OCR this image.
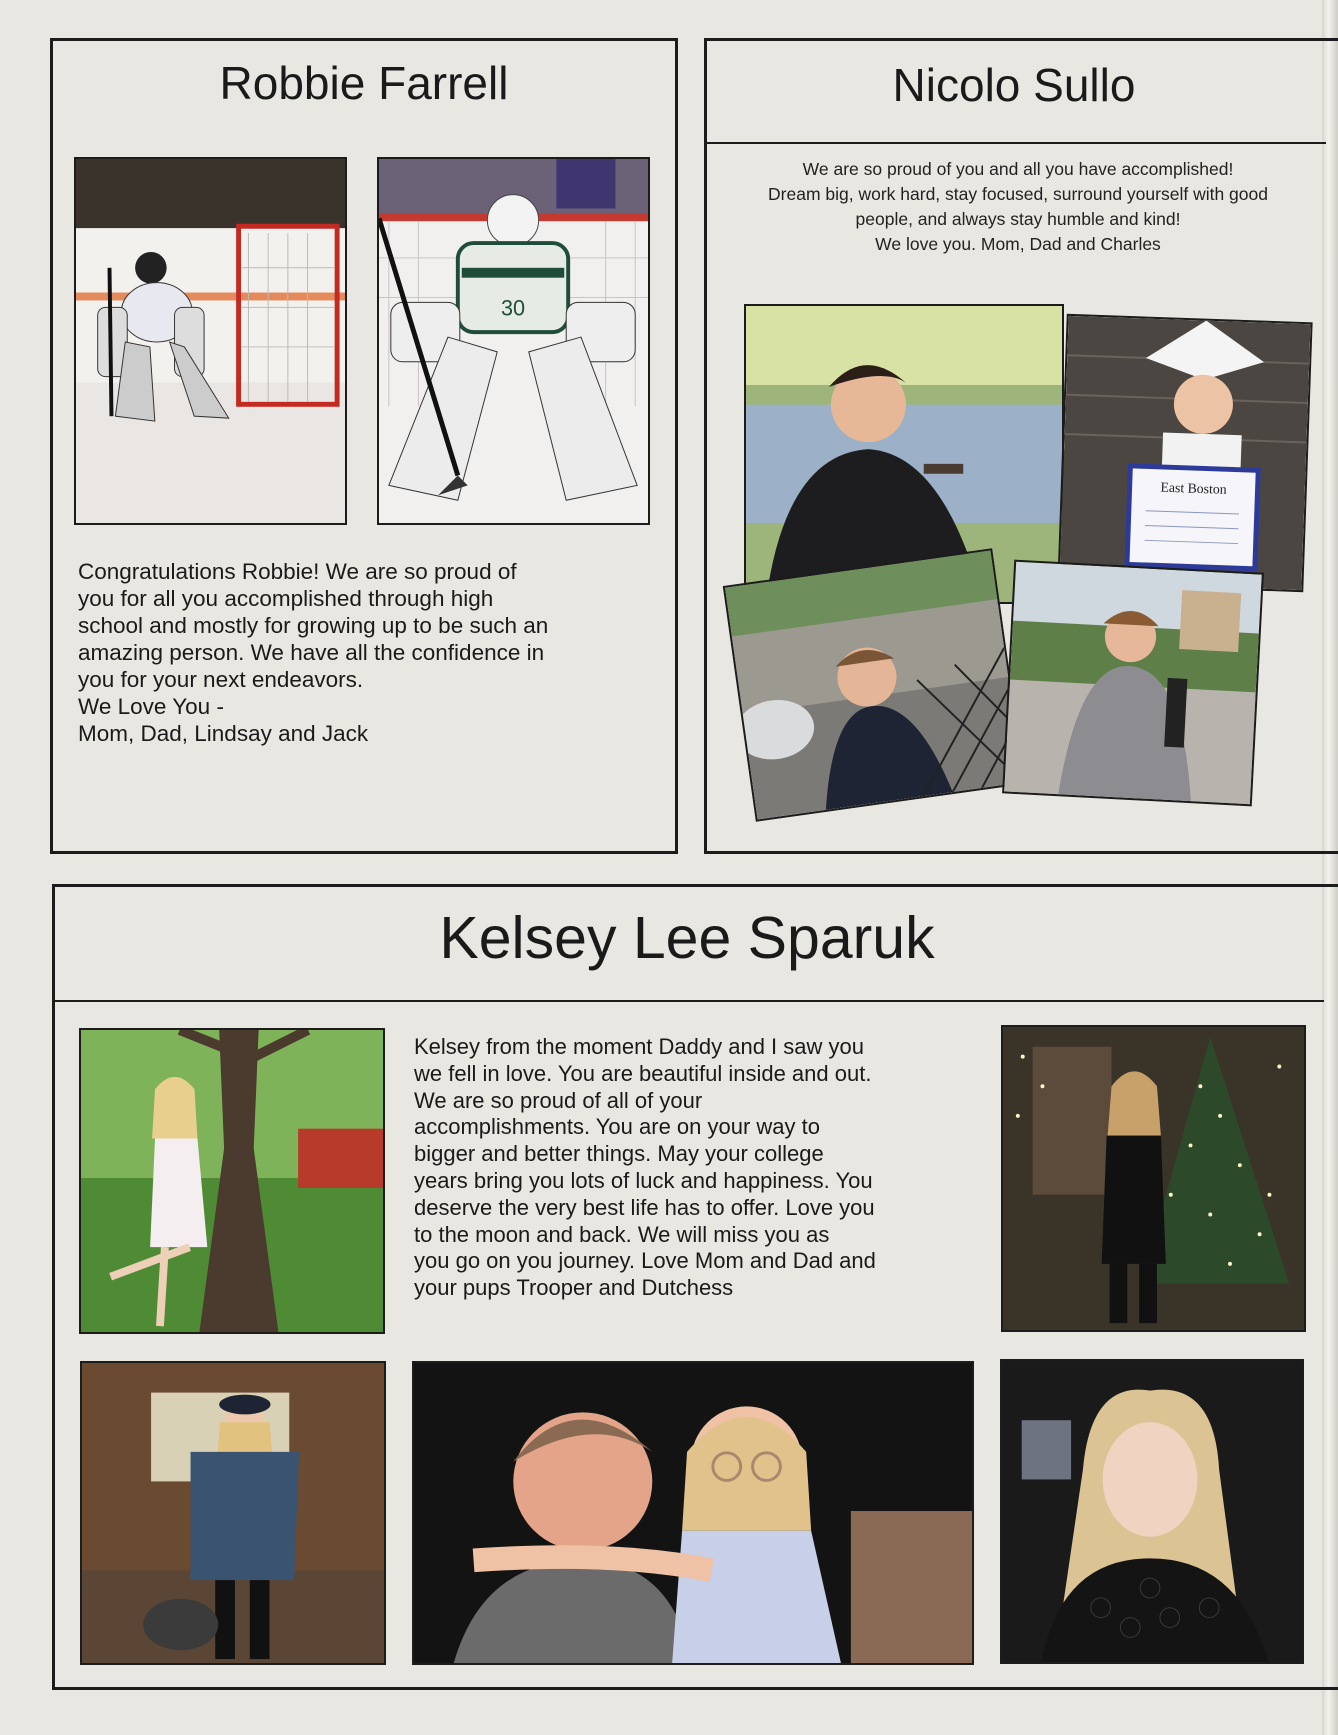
Robbie Farrell
30
Congratulations Robbie! We are so proud of
you for all you accomplished through high
school and mostly for growing up to be such an
amazing person. We have all the confidence in
you for your next endeavors.
We Love You -
Mom, Dad, Lindsay and Jack
Nicolo Sullo
We are so proud of you and all you have accomplished!
Dream big, work hard, stay focused, surround yourself with good
people, and always stay humble and kind!
We love you. Mom, Dad and Charles
East Boston
Kelsey Lee Sparuk
Kelsey from the moment Daddy and I saw you
we fell in love. You are beautiful inside and out.
We are so proud of all of your
accomplishments. You are on your way to
bigger and better things. May your college
years bring you lots of luck and happiness. You
deserve the very best life has to offer. Love you
to the moon and back. We will miss you as
you go on you journey. Love Mom and Dad and
your pups Trooper and Dutchess
